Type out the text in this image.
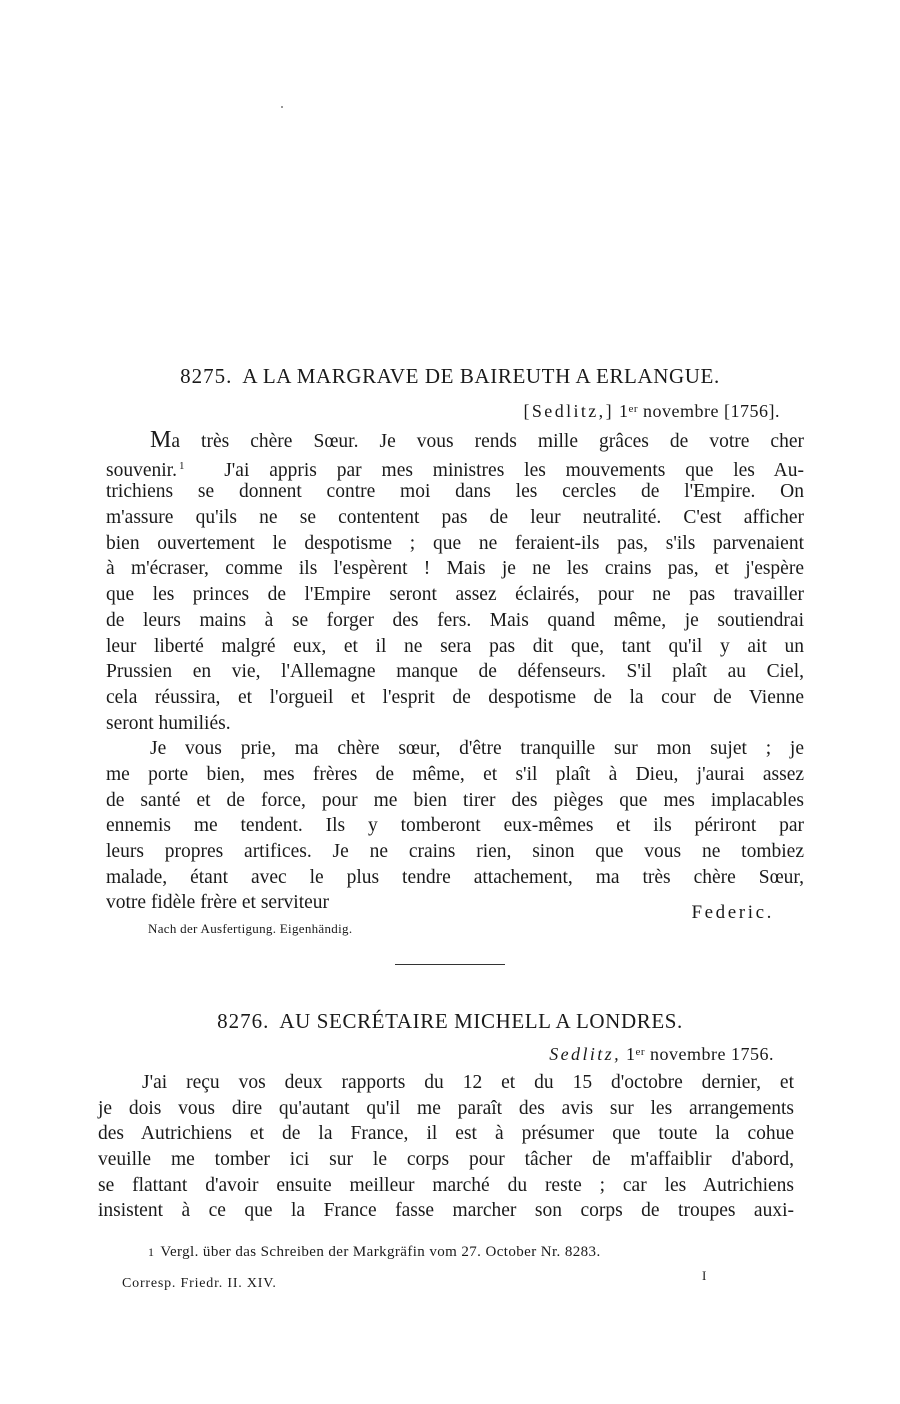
8275. A LA MARGRAVE DE BAIREUTH A ERLANGUE.
[Sedlitz,] 1er novembre [1756].
Ma très chère Sœur. Je vous rends mille grâces de votre cher
souvenir. $^1$ J'ai appris par mes ministres les mouvements que les Au-
trichiens se donnent contre moi dans les cercles de l'Empire. On
m'assure qu'ils ne se contentent pas de leur neutralité. C'est afficher
bien ouvertement le despotisme ; que ne feraient-ils pas, s'ils parvenaient
à m'écraser, comme ils l'espèrent ! Mais je ne les crains pas, et j'espère
que les princes de l'Empire seront assez éclairés, pour ne pas travailler
de leurs mains à se forger des fers. Mais quand même, je soutiendrai
leur liberté malgré eux, et il ne sera pas dit que, tant qu'il y ait un
Prussien en vie, l'Allemagne manque de défenseurs. S'il plaît au Ciel,
cela réussira, et l'orgueil et l'esprit de despotisme de la cour de Vienne
seront humiliés.
Je vous prie, ma chère sœur, d'être tranquille sur mon sujet ; je
me porte bien, mes frères de même, et s'il plaît à Dieu, j'aurai assez
de santé et de force, pour me bien tirer des pièges que mes implacables
ennemis me tendent. Ils y tomberont eux-mêmes et ils périront par
leurs propres artifices. Je ne crains rien, sinon que vous ne tombiez
malade, étant avec le plus tendre attachement, ma très chère Sœur,
votre fidèle frère et serviteur	Federic.
Nach der Ausfertigung. Eigenhändig.
8276. AU SECRÉTAIRE MICHELL A LONDRES.
Sedlitz, 1er novembre 1756.
J'ai reçu vos deux rapports du 12 et du 15 d'octobre dernier, et
je dois vous dire qu'autant qu'il me paraît des avis sur les arrangements
des Autrichiens et de la France, il est à présumer que toute la cohue
veuille me tomber ici sur le corps pour tâcher de m'affaiblir d'abord,
se flattant d'avoir ensuite meilleur marché du reste ; car les Autrichiens
insistent à ce que la France fasse marcher son corps de troupes auxi-
1 Vergl. über das Schreiben der Markgräfin vom 27. October Nr. 8283.
Corresp. Friedr. II. XIV.
I
